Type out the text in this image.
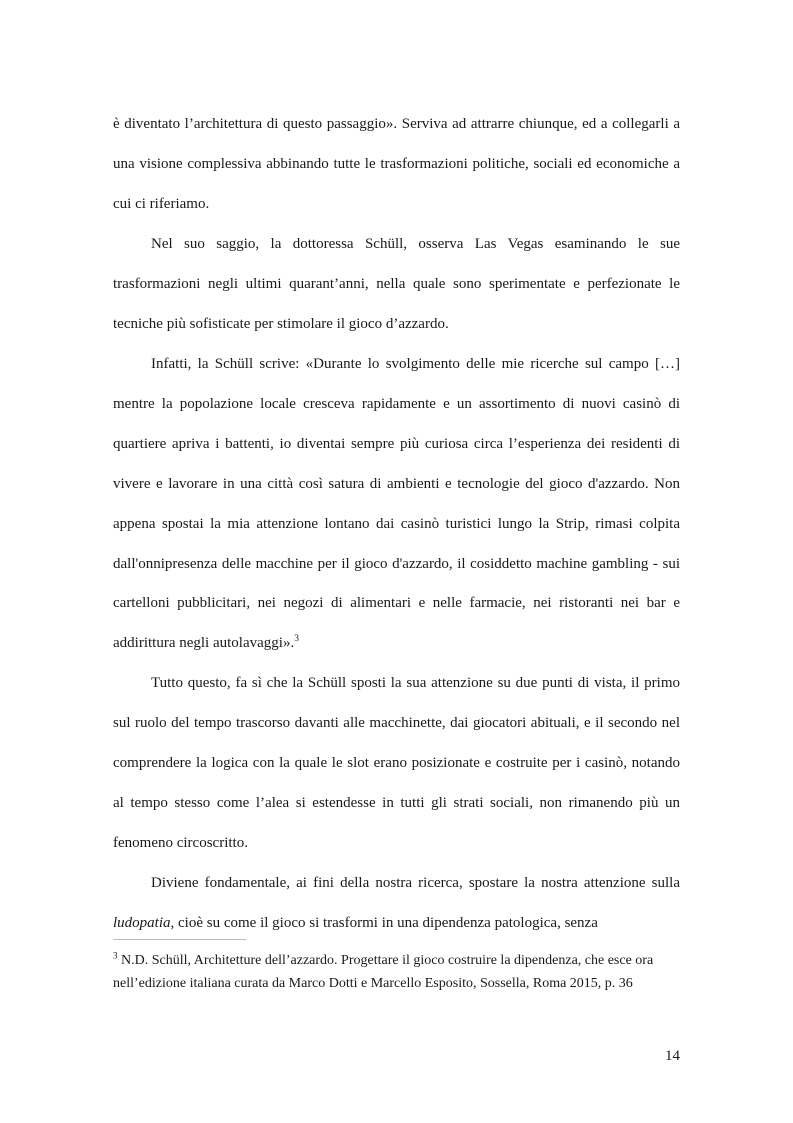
è diventato l’architettura di questo passaggio». Serviva ad attrarre chiunque, ed a collegarli a una visione complessiva abbinando tutte le trasformazioni politiche, sociali ed economiche a cui ci riferiamo.

Nel suo saggio, la dottoressa Schüll, osserva Las Vegas esaminando le sue trasformazioni negli ultimi quarant’anni, nella quale sono sperimentate e perfezionate le tecniche più sofisticate per stimolare il gioco d’azzardo.

Infatti, la Schüll scrive: «Durante lo svolgimento delle mie ricerche sul campo […] mentre la popolazione locale cresceva rapidamente e un assortimento di nuovi casinò di quartiere apriva i battenti, io diventai sempre più curiosa circa l’esperienza dei residenti di vivere e lavorare in una città così satura di ambienti e tecnologie del gioco d'azzardo. Non appena spostai la mia attenzione lontano dai casinò turistici lungo la Strip, rimasi colpita dall'onnipresenza delle macchine per il gioco d'azzardo, il cosiddetto machine gambling - sui cartelloni pubblicitari, nei negozi di alimentari e nelle farmacie, nei ristoranti nei bar e addirittura negli autolavaggi».$^3$

Tutto questo, fa sì che la Schüll sposti la sua attenzione su due punti di vista, il primo sul ruolo del tempo trascorso davanti alle macchinette, dai giocatori abituali, e il secondo nel comprendere la logica con la quale le slot erano posizionate e costruite per i casinò, notando al tempo stesso come l’alea si estendesse in tutti gli strati sociali, non rimanendo più un fenomeno circoscritto.

Diviene fondamentale, ai fini della nostra ricerca, spostare la nostra attenzione sulla ludopatia, cioè su come il gioco si trasformi in una dipendenza patologica, senza

$^3$ N.D. Schüll, Architetture dell’azzardo. Progettare il gioco costruire la dipendenza, che esce ora nell’edizione italiana curata da Marco Dotti e Marcello Esposito, Sossella, Roma 2015, p. 36

14
